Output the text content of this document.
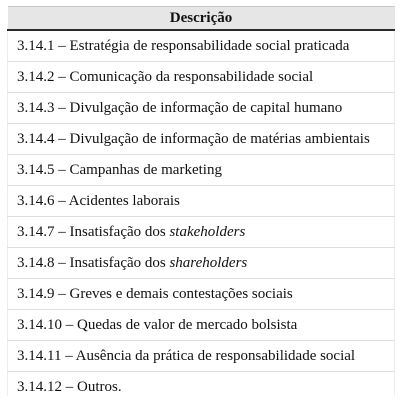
Descrição
3.14.1 – Estratégia de responsabilidade social praticada
3.14.2 – Comunicação da responsabilidade social
3.14.3 – Divulgação de informação de capital humano
3.14.4 – Divulgação de informação de matérias ambientais
3.14.5 – Campanhas de marketing
3.14.6 – Acidentes laborais
3.14.7 – Insatisfação dos stakeholders
3.14.8 – Insatisfação dos shareholders
3.14.9 – Greves e demais contestações sociais
3.14.10 – Quedas de valor de mercado bolsista
3.14.11 – Ausência da prática de responsabilidade social
3.14.12 – Outros.
